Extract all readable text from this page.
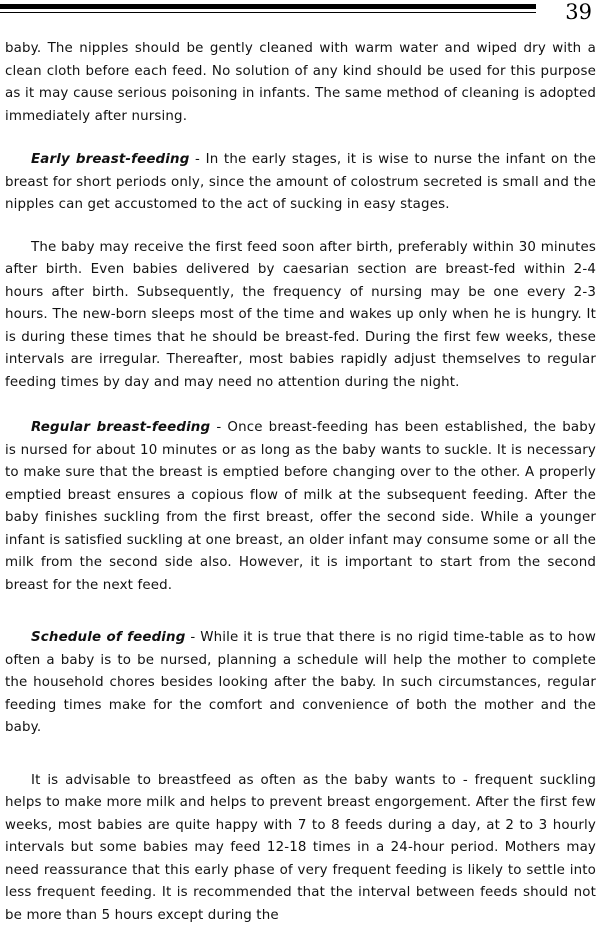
39

baby. The nipples should be gently cleaned with warm water and wiped dry with a clean cloth before each feed. No solution of any kind should be used for this purpose as it may cause serious poisoning in infants. The same method of cleaning is adopted immediately after nursing.

Early breast-feeding - In the early stages, it is wise to nurse the infant on the breast for short periods only, since the amount of colostrum secreted is small and the nipples can get accustomed to the act of sucking in easy stages.

The baby may receive the first feed soon after birth, preferably within 30 minutes after birth. Even babies delivered by caesarian section are breast-fed within 2-4 hours after birth. Subsequently, the frequency of nursing may be one every 2-3 hours. The new-born sleeps most of the time and wakes up only when he is hungry. It is during these times that he should be breast-fed. During the first few weeks, these intervals are irregular. Thereafter, most babies rapidly adjust themselves to regular feeding times by day and may need no attention during the night.

Regular breast-feeding - Once breast-feeding has been established, the baby is nursed for about 10 minutes or as long as the baby wants to suckle. It is necessary to make sure that the breast is emptied before changing over to the other. A properly emptied breast ensures a copious flow of milk at the subsequent feeding. After the baby finishes suckling from the first breast, offer the second side. While a younger infant is satisfied suckling at one breast, an older infant may consume some or all the milk from the second side also. However, it is important to start from the second breast for the next feed.

Schedule of feeding - While it is true that there is no rigid time-table as to how often a baby is to be nursed, planning a schedule will help the mother to complete the household chores besides looking after the baby. In such circumstances, regular feeding times make for the comfort and convenience of both the mother and the baby.

It is advisable to breastfeed as often as the baby wants to - frequent suckling helps to make more milk and helps to prevent breast engorgement. After the first few weeks, most babies are quite happy with 7 to 8 feeds during a day, at 2 to 3 hourly intervals but some babies may feed 12-18 times in a 24-hour period. Mothers may need reassurance that this early phase of very frequent feeding is likely to settle into less frequent feeding. It is recommended that the interval between feeds should not be more than 5 hours except during the
